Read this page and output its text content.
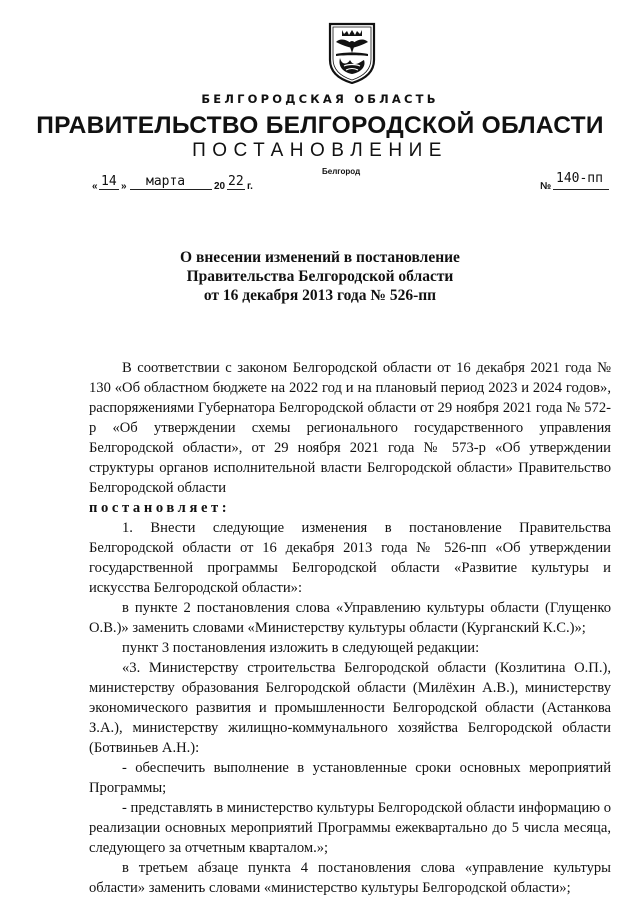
БЕЛГОРОДСКАЯ ОБЛАСТЬ
ПРАВИТЕЛЬСТВО БЕЛГОРОДСКОЙ ОБЛАСТИ
ПОСТАНОВЛЕНИЕ
Белгород
« 14 » марта	20 22 г.	№
140-пп
О внесении изменений в постановление
Правительства Белгородской области
от 16 декабря 2013 года № 526-пп

В соответствии с законом Белгородской области от 16 декабря 2021 года № 130 «Об областном бюджете на 2022 год и на плановый период 2023 и 2024 годов», распоряжениями Губернатора Белгородской области от 29 ноября 2021 года № 572-р «Об утверждении схемы регионального государственного управления Белгородской области», от 29 ноября 2021 года № 573-р «Об утверждении структуры органов исполнительной власти Белгородской области» Правительство Белгородской области

постановляет:

1. Внести следующие изменения в постановление Правительства Белгородской области от 16 декабря 2013 года № 526-пп «Об утверждении государственной программы Белгородской области «Развитие культуры и искусства Белгородской области»:

в пункте 2 постановления слова «Управлению культуры области (Глущенко О.В.)» заменить словами «Министерству культуры области (Курганский К.С.)»;

пункт 3 постановления изложить в следующей редакции:

«3. Министерству строительства Белгородской области (Козлитина О.П.), министерству образования Белгородской области (Милёхин А.В.), министерству экономического развития и промышленности Белгородской области (Астанкова З.А.), министерству жилищно-коммунального хозяйства Белгородской области (Ботвиньев А.Н.):

- обеспечить выполнение в установленные сроки основных мероприятий Программы;

- представлять в министерство культуры Белгородской области информацию о реализации основных мероприятий Программы ежеквартально до 5 числа месяца, следующего за отчетным кварталом.»;

в третьем абзаце пункта 4 постановления слова «управление культуры области» заменить словами «министерство культуры Белгородской области»;
